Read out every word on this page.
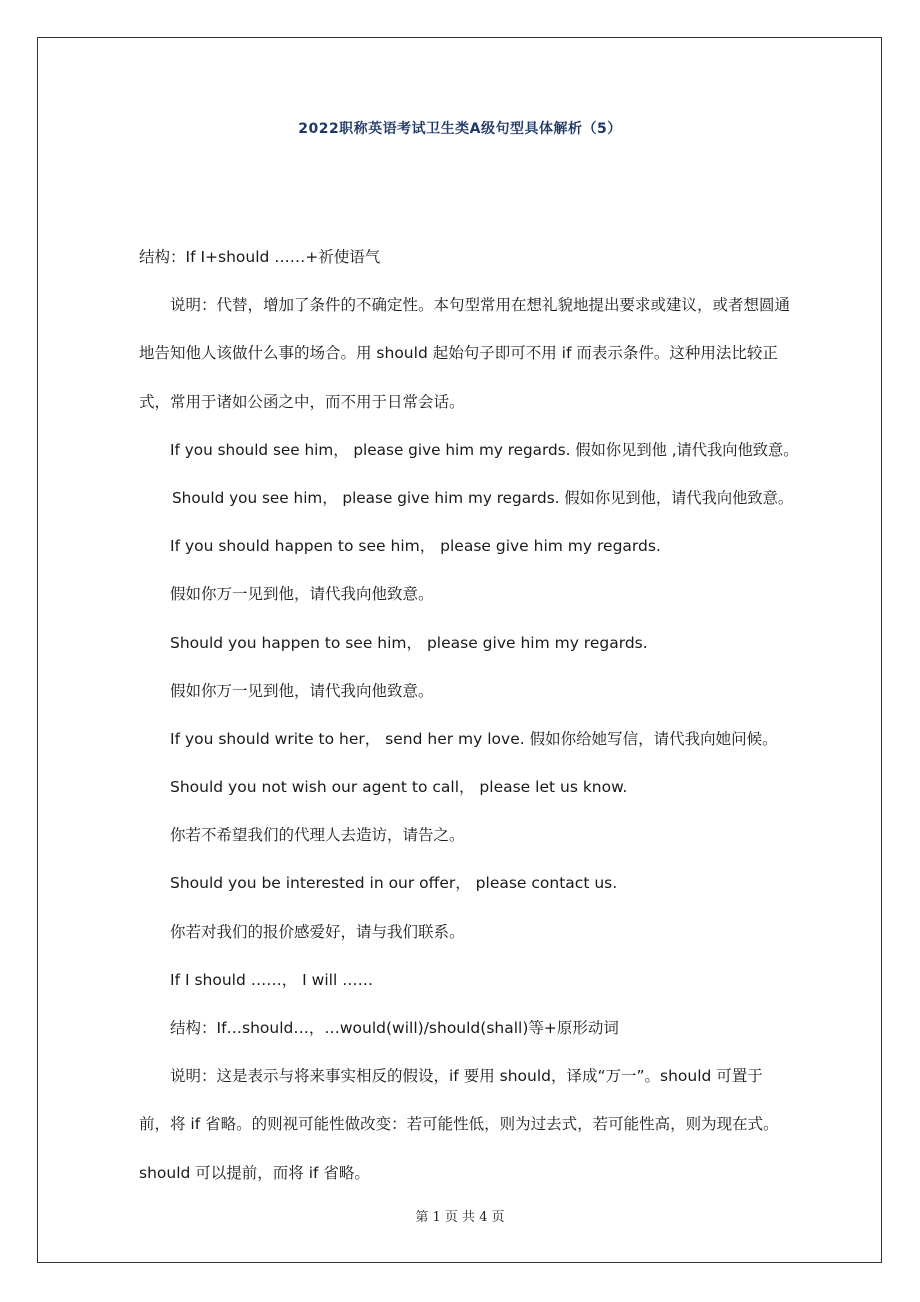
2022职称英语考试卫生类A级句型具体解析（5）
结构：If I+should ……+祈使语气
说明：代替，增加了条件的不确定性。本句型常用在想礼貌地提出要求或建议，或者想圆通
地告知他人该做什么事的场合。用 should 起始句子即可不用 if 而表示条件。这种用法比较正
式，常用于诸如公函之中，而不用于日常会话。
If you should see him， please give him my regards. 假如你见到他 ,请代我向他致意。
Should you see him， please give him my regards. 假如你见到他，请代我向他致意。
If you should happen to see him， please give him my regards.
假如你万一见到他，请代我向他致意。
Should you happen to see him， please give him my regards.
假如你万一见到他，请代我向他致意。
If you should write to her， send her my love. 假如你给她写信，请代我向她问候。
Should you not wish our agent to call， please let us know.
你若不希望我们的代理人去造访，请告之。
Should you be interested in our offer， please contact us.
你若对我们的报价感爱好，请与我们联系。
If I should ……， I will ……
结构：If…should…，…would(will)/should(shall)等+原形动词
说明：这是表示与将来事实相反的假设，if 要用 should，译成“万一”。should 可置于
前，将 if 省略。的则视可能性做改变：若可能性低，则为过去式，若可能性高，则为现在式。
should 可以提前，而将 if 省略。
第 1 页 共 4 页
